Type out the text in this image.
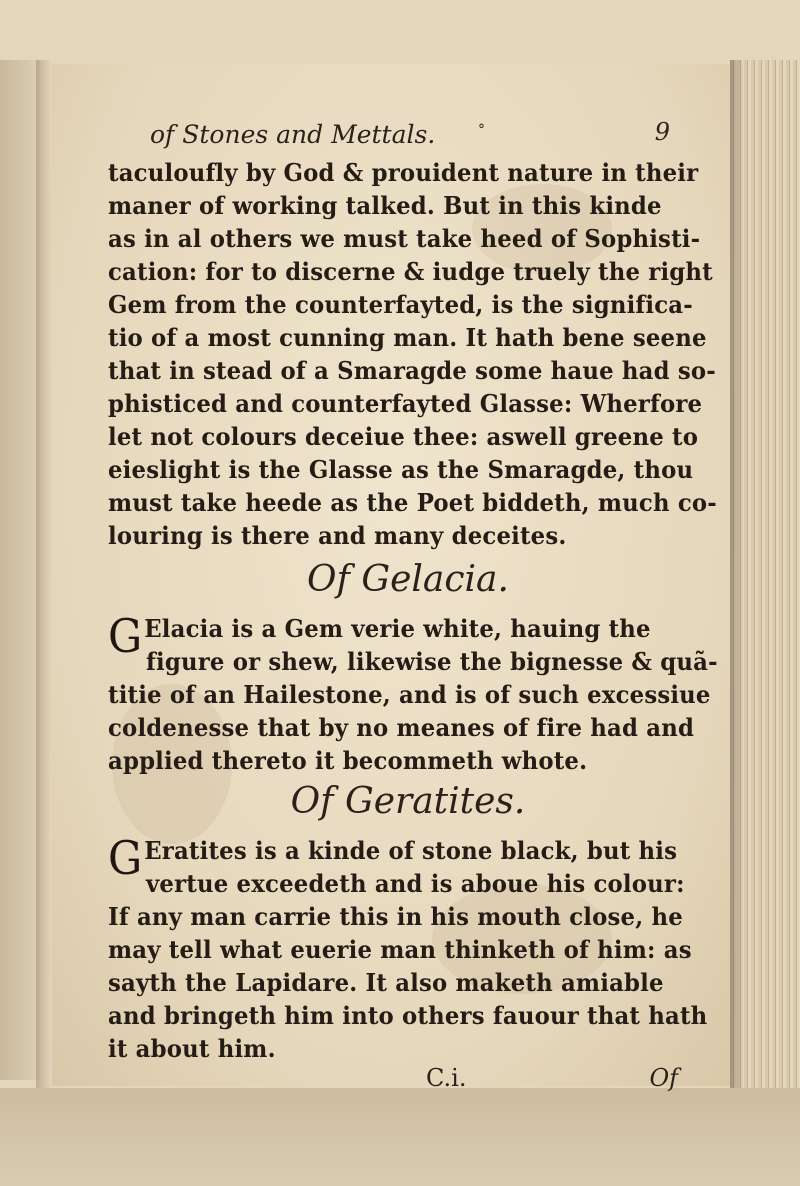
of Stones and Mettals.	°	9
taculoufly by God & prouident nature in their
maner of working talked. But in this kinde
as in al others we must take heed of Sophisti-
cation: for to discerne & iudge truely the right
Gem from the counterfayted, is the significa-
tio of a most cunning man. It hath bene seene
that in stead of a Smaragde some haue had so-
phisticed and counterfayted Glasse: Wherfore
let not colours deceiue thee: aswell greene to
eieslight is the Glasse as the Smaragde, thou
must take heede as the Poet biddeth, much co-
louring is there and many deceites.
Of Gelacia.
GElacia is a Gem verie white, hauing the
figure or shew, likewise the bignesse & quã-
titie of an Hailestone, and is of such excessiue
coldenesse that by no meanes of fire had and
applied thereto it becommeth whote.
Of Geratites.
GEratites is a kinde of stone black, but his
vertue exceedeth and is aboue his colour:
If any man carrie this in his mouth close, he
may tell what euerie man thinketh of him: as
sayth the Lapidare. It also maketh amiable
and bringeth him into others fauour that hath
it about him.
C.i.	Of
